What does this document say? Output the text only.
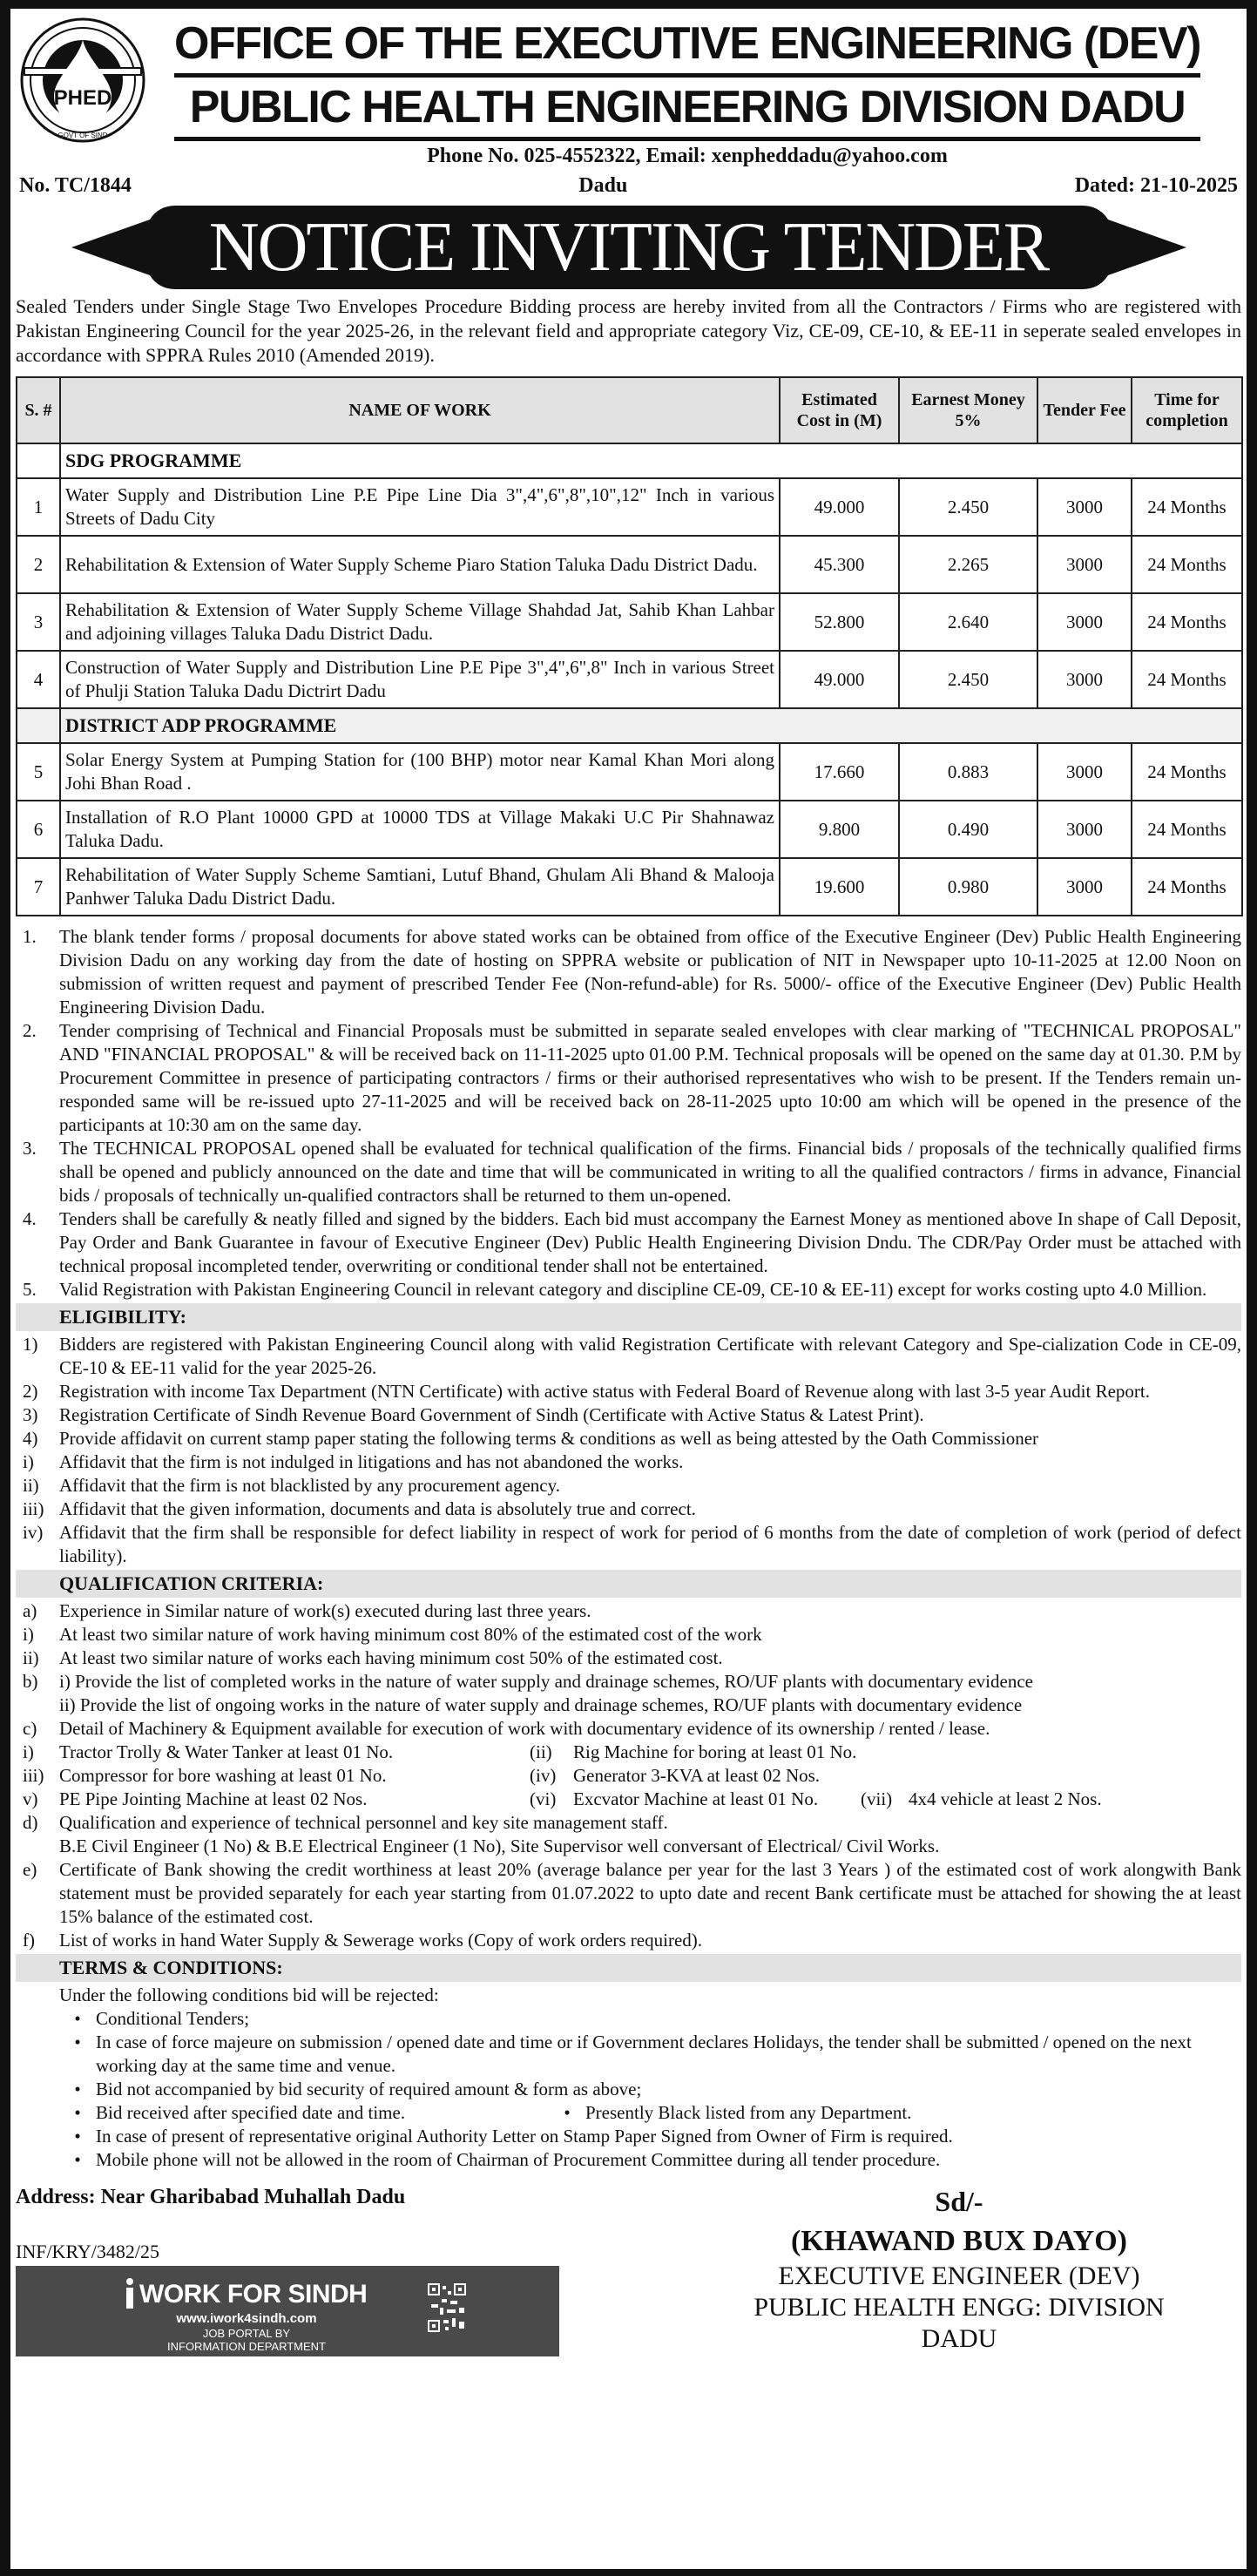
PHED
GOVT OF SIND
OFFICE OF THE EXECUTIVE ENGINEERING (DEV)
PUBLIC HEALTH ENGINEERING DIVISION DADU
Phone No. 025-4552322, Email: xenpheddadu@yahoo.com
No. TC/1844	Dadu	Dated: 21-10-2025
NOTICE INVITING TENDER
Sealed Tenders under Single Stage Two Envelopes Procedure Bidding process are hereby invited from all the Contractors / Firms who are registered with Pakistan Engineering Council for the year 2025-26, in the relevant field and appropriate category Viz, CE-09, CE-10, & EE-11 in seperate sealed envelopes in accordance with SPPRA Rules 2010 (Amended 2019).
S. #	NAME OF WORK	Estimated Cost in (M)	Earnest Money 5%	Tender Fee	Time for completion
	SDG PROGRAMME				
1	Water Supply and Distribution Line P.E Pipe Line Dia 3",4",6",8",10",12" Inch in various Streets of Dadu City	49.000	2.450	3000	24 Months
2	Rehabilitation & Extension of Water Supply Scheme Piaro Station Taluka Dadu District Dadu.	45.300	2.265	3000	24 Months
3	Rehabilitation & Extension of Water Supply Scheme Village Shahdad Jat, Sahib Khan Lahbar and adjoining villages Taluka Dadu District Dadu.	52.800	2.640	3000	24 Months
4	Construction of Water Supply and Distribution Line P.E Pipe 3",4",6",8" Inch in various Street of Phulji Station Taluka Dadu Dictrirt Dadu	49.000	2.450	3000	24 Months
	DISTRICT ADP PROGRAMME				
5	Solar Energy System at Pumping Station for (100 BHP) motor near Kamal Khan Mori along Johi Bhan Road .	17.660	0.883	3000	24 Months
6	Installation of R.O Plant 10000 GPD at 10000 TDS at Village Makaki U.C Pir Shahnawaz Taluka Dadu.	9.800	0.490	3000	24 Months
7	Rehabilitation of Water Supply Scheme Samtiani, Lutuf Bhand, Ghulam Ali Bhand & Malooja Panhwer Taluka Dadu District Dadu.	19.600	0.980	3000	24 Months
1.	The blank tender forms / proposal documents for above stated works can be obtained from office of the Executive Engineer (Dev) Public Health Engineering Division Dadu on any working day from the date of hosting on SPPRA website or publication of NIT in Newspaper upto 10-11-2025 at 12.00 Noon on submission of written request and payment of prescribed Tender Fee (Non-refund-able) for Rs. 5000/- office of the Executive Engineer (Dev) Public Health Engineering Division Dadu.
2.	Tender comprising of Technical and Financial Proposals must be submitted in separate sealed envelopes with clear marking of "TECHNICAL PROPOSAL" AND "FINANCIAL PROPOSAL" & will be received back on 11-11-2025 upto 01.00 P.M. Technical proposals will be opened on the same day at 01.30. P.M by Procurement Committee in presence of participating contractors / firms or their authorised representatives who wish to be present. If the Tenders remain un-responded same will be re-issued upto 27-11-2025 and will be received back on 28-11-2025 upto 10:00 am which will be opened in the presence of the participants at 10:30 am on the same day.
3.	The TECHNICAL PROPOSAL opened shall be evaluated for technical qualification of the firms. Financial bids / proposals of the technically qualified firms shall be opened and publicly announced on the date and time that will be communicated in writing to all the qualified contractors / firms in advance, Financial bids / proposals of technically un-qualified contractors shall be returned to them un-opened.
4.	Tenders shall be carefully & neatly filled and signed by the bidders. Each bid must accompany the Earnest Money as mentioned above In shape of Call Deposit, Pay Order and Bank Guarantee in favour of Executive Engineer (Dev) Public Health Engineering Division Dndu. The CDR/Pay Order must be attached with technical proposal incompleted tender, overwriting or conditional tender shall not be entertained.
5.	Valid Registration with Pakistan Engineering Council in relevant category and discipline CE-09, CE-10 & EE-11) except for works costing upto 4.0 Million.
ELIGIBILITY:
1)	Bidders are registered with Pakistan Engineering Council along with valid Registration Certificate with relevant Category and Spe-cialization Code in CE-09, CE-10 & EE-11 valid for the year 2025-26.
2)	Registration with income Tax Department (NTN Certificate) with active status with Federal Board of Revenue along with last 3-5 year Audit Report.
3)	Registration Certificate of Sindh Revenue Board Government of Sindh (Certificate with Active Status & Latest Print).
4)	Provide affidavit on current stamp paper stating the following terms & conditions as well as being attested by the Oath Commissioner
i)	Affidavit that the firm is not indulged in litigations and has not abandoned the works.
ii)	Affidavit that the firm is not blacklisted by any procurement agency.
iii) Affidavit that the given information, documents and data is absolutely true and correct.
iv) Affidavit that the firm shall be responsible for defect liability in respect of work for period of 6 months from the date of completion of work (period of defect liability).
QUALIFICATION CRITERIA:
a)	Experience in Similar nature of work(s) executed during last three years.
i)	At least two similar nature of work having minimum cost 80% of the estimated cost of the work
ii)	At least two similar nature of works each having minimum cost 50% of the estimated cost.
b)	i) Provide the list of completed works in the nature of water supply and drainage schemes, RO/UF plants with documentary evidence
ii) Provide the list of ongoing works in the nature of water supply and drainage schemes, RO/UF plants with documentary evidence
c)	Detail of Machinery & Equipment available for execution of work with documentary evidence of its ownership / rented / lease.
i)	Tractor Trolly & Water Tanker at least 01 No.	(ii)	Rig Machine for boring at least 01 No.
iii) Compressor for bore washing at least 01 No.	(iv) Generator 3-KVA at least 02 Nos.
v)	PE Pipe Jointing Machine at least 02 Nos.	(vi) Excvator Machine at least 01 No.	(vii) 4x4 vehicle at least 2 Nos.
d)	Qualification and experience of technical personnel and key site management staff.
B.E Civil Engineer (1 No) & B.E Electrical Engineer (1 No), Site Supervisor well conversant of Electrical/ Civil Works.
e)	Certificate of Bank showing the credit worthiness at least 20% (average balance per year for the last 3 Years ) of the estimated cost of work alongwith Bank statement must be provided separately for each year starting from 01.07.2022 to upto date and recent Bank certificate must be attached for showing the at least 15% balance of the estimated cost.
f)	List of works in hand Water Supply & Sewerage works (Copy of work orders required).
TERMS & CONDITIONS:
Under the following conditions bid will be rejected:
• Conditional Tenders;
• In case of force majeure on submission / opened date and time or if Government declares Holidays, the tender shall be submitted / opened on the next working day at the same time and venue.
• Bid not accompanied by bid security of required amount & form as above;
• Bid received after specified date and time.	• Presently Black listed from any Department.
• In case of present of representative original Authority Letter on Stamp Paper Signed from Owner of Firm is required.
• Mobile phone will not be allowed in the room of Chairman of Procurement Committee during all tender procedure.
Address: Near Gharibabad Muhallah Dadu
INF/KRY/3482/25
WORK FOR SINDH
www.iwork4sindh.com
JOB PORTAL BY
INFORMATION DEPARTMENT
Sd/-
(KHAWAND BUX DAYO)
EXECUTIVE ENGINEER (DEV)
PUBLIC HEALTH ENGG: DIVISION
DADU
